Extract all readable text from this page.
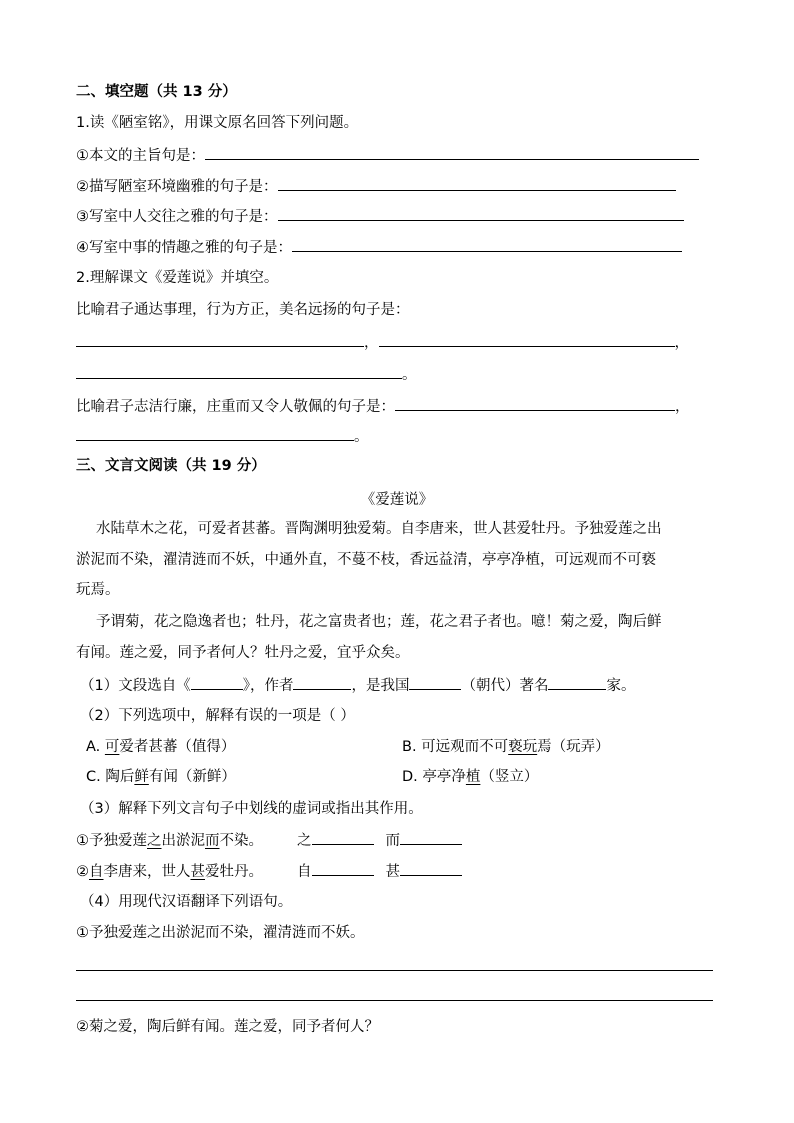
二、填空题（共 13 分）
1.读《陋室铭》，用课文原名回答下列问题。
①本文的主旨句是：
②描写陋室环境幽雅的句子是：
③写室中人交往之雅的句子是：
④写室中事的情趣之雅的句子是：
2.理解课文《爱莲说》并填空。
比喻君子通达事理，行为方正，美名远扬的句子是：
，	，
。
比喻君子志洁行廉，庄重而又令人敬佩的句子是：	，
。
三、文言文阅读（共 19 分）
《爱莲说》
水陆草木之花，可爱者甚蕃。晋陶渊明独爱菊。自李唐来，世人甚爱牡丹。予独爱莲之出
淤泥而不染，濯清涟而不妖，中通外直，不蔓不枝，香远益清，亭亭净植，可远观而不可亵
玩焉。
予谓菊，花之隐逸者也；牡丹，花之富贵者也；莲，花之君子者也。噫！菊之爱，陶后鲜
有闻。莲之爱，同予者何人？牡丹之爱，宜乎众矣。
（1）文段选自《	》，作者	，是我国	（朝代）著名	家。
（2）下列选项中，解释有误的一项是（ ）
A. 可爱者甚蕃（值得）	B. 可远观而不可亵玩焉（玩弄）
C. 陶后鲜有闻（新鲜）	D. 亭亭净植（竖立）
（3）解释下列文言句子中划线的虚词或指出其作用。
①予独爱莲之出淤泥而不染。 之	而
②自李唐来，世人甚爱牡丹。 自	甚
（4）用现代汉语翻译下列语句。
①予独爱莲之出淤泥而不染，濯清涟而不妖。
②菊之爱，陶后鲜有闻。莲之爱，同予者何人？
